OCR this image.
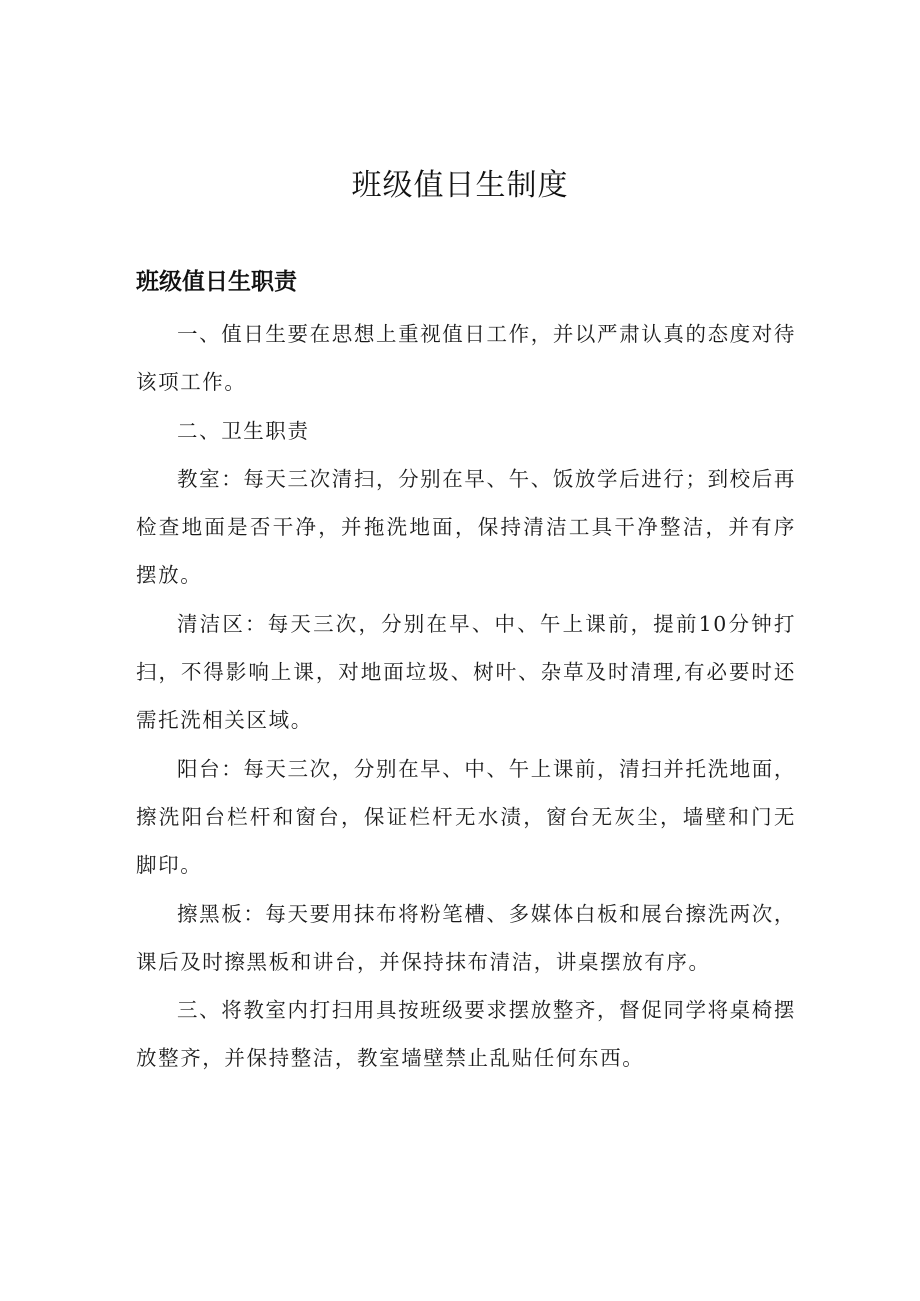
班级值日生制度
班级值日生职责

一、值日生要在思想上重视值日工作，并以严肃认真的态度对待该项工作。

二、卫生职责

教室：每天三次清扫，分别在早、午、饭放学后进行；到校后再检查地面是否干净，并拖洗地面，保持清洁工具干净整洁，并有序摆放。

清洁区：每天三次，分别在早、中、午上课前，提前10分钟打扫，不得影响上课，对地面垃圾、树叶、杂草及时清理,有必要时还需托洗相关区域。

阳台：每天三次，分别在早、中、午上课前，清扫并托洗地面，擦洗阳台栏杆和窗台，保证栏杆无水渍，窗台无灰尘，墙壁和门无脚印。

擦黑板：每天要用抹布将粉笔槽、多媒体白板和展台擦洗两次，课后及时擦黑板和讲台，并保持抹布清洁，讲桌摆放有序。

三、将教室内打扫用具按班级要求摆放整齐，督促同学将桌椅摆放整齐，并保持整洁，教室墙壁禁止乱贴任何东西。
